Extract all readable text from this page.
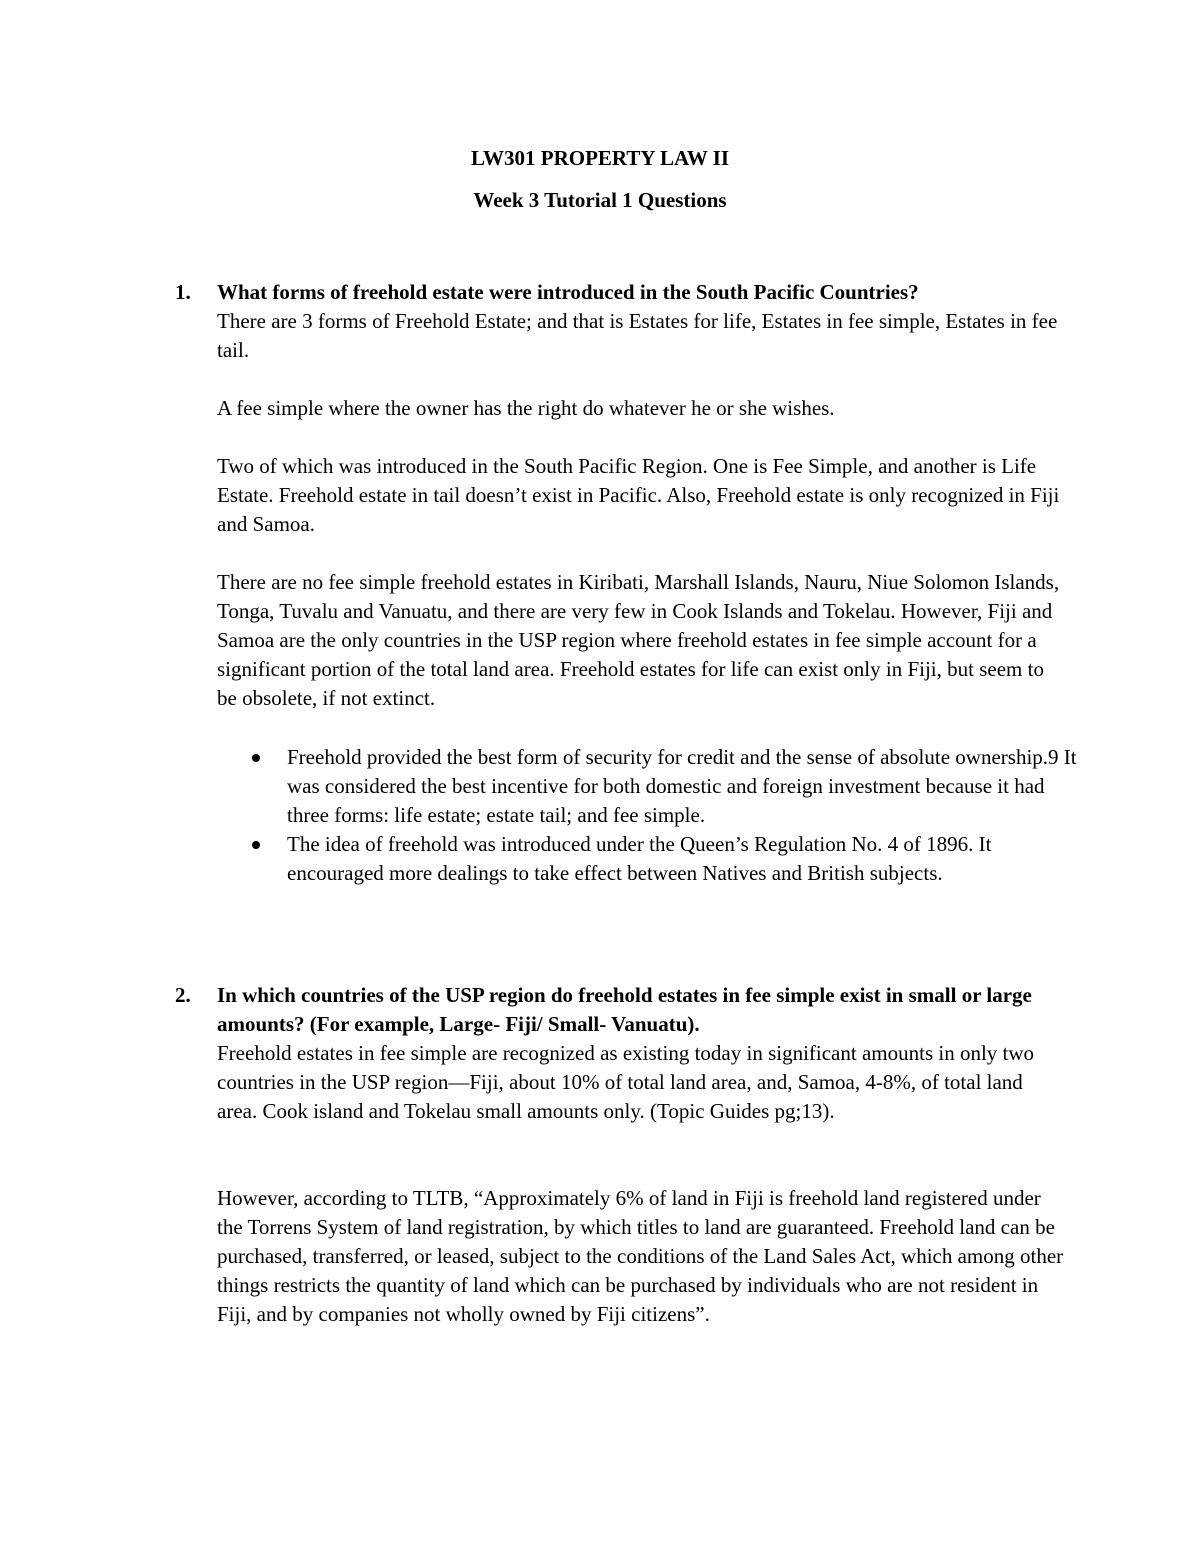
LW301 PROPERTY LAW II
Week 3 Tutorial 1 Questions
1. What forms of freehold estate were introduced in the South Pacific Countries?
There are 3 forms of Freehold Estate; and that is Estates for life, Estates in fee simple, Estates in fee tail.
A fee simple where the owner has the right do whatever he or she wishes.
Two of which was introduced in the South Pacific Region. One is Fee Simple, and another is Life Estate. Freehold estate in tail doesn’t exist in Pacific. Also, Freehold estate is only recognized in Fiji and Samoa.
There are no fee simple freehold estates in Kiribati, Marshall Islands, Nauru, Niue Solomon Islands, Tonga, Tuvalu and Vanuatu, and there are very few in Cook Islands and Tokelau. However, Fiji and Samoa are the only countries in the USP region where freehold estates in fee simple account for a significant portion of the total land area. Freehold estates for life can exist only in Fiji, but seem to be obsolete, if not extinct.
Freehold provided the best form of security for credit and the sense of absolute ownership.9 It was considered the best incentive for both domestic and foreign investment because it had three forms: life estate; estate tail; and fee simple.
The idea of freehold was introduced under the Queen’s Regulation No. 4 of 1896. It encouraged more dealings to take effect between Natives and British subjects.
2. In which countries of the USP region do freehold estates in fee simple exist in small or large amounts? (For example, Large- Fiji/ Small- Vanuatu).
Freehold estates in fee simple are recognized as existing today in significant amounts in only two countries in the USP region—Fiji, about 10% of total land area, and, Samoa, 4-8%, of total land area. Cook island and Tokelau small amounts only. (Topic Guides pg;13).
However, according to TLTB, “Approximately 6% of land in Fiji is freehold land registered under the Torrens System of land registration, by which titles to land are guaranteed. Freehold land can be purchased, transferred, or leased, subject to the conditions of the Land Sales Act, which among other things restricts the quantity of land which can be purchased by individuals who are not resident in Fiji, and by companies not wholly owned by Fiji citizens”.
